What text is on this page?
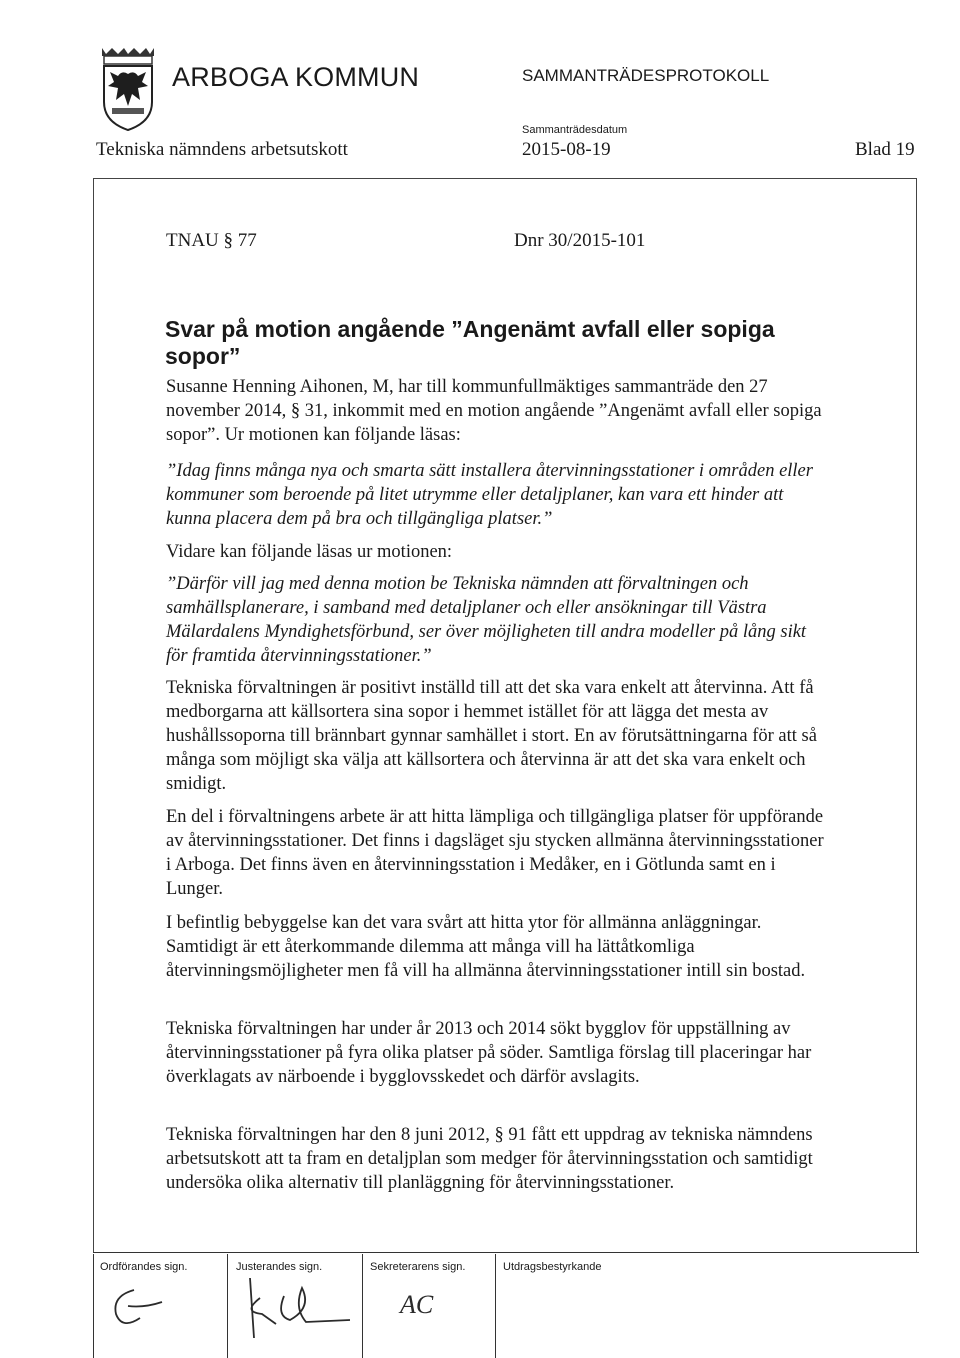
ARBOGA KOMMUN	SAMMANTRÄDESPROTOKOLL
Tekniska nämndens arbetsutskott
Sammanträdesdatum
2015-08-19	Blad 19
TNAU § 77	Dnr 30/2015-101
Svar på motion angående ”Angenämt avfall eller sopiga sopor”

Susanne Henning Aihonen, M, har till kommunfullmäktiges sammanträde den 27 november 2014, § 31, inkommit med en motion angående ”Angenämt avfall eller sopiga sopor”. Ur motionen kan följande läsas:

”Idag finns många nya och smarta sätt installera återvinningsstationer i områden eller kommuner som beroende på litet utrymme eller detaljplaner, kan vara ett hinder att kunna placera dem på bra och tillgängliga platser.”

Vidare kan följande läsas ur motionen:

”Därför vill jag med denna motion be Tekniska nämnden att förvaltningen och samhällsplanerare, i samband med detaljplaner och eller ansökningar till Västra Mälardalens Myndighetsförbund, ser över möjligheten till andra modeller på lång sikt för framtida återvinningsstationer.”

Tekniska förvaltningen är positivt inställd till att det ska vara enkelt att återvinna. Att få medborgarna att källsortera sina sopor i hemmet istället för att lägga det mesta av hushållssoporna till brännbart gynnar samhället i stort. En av förutsättningarna för att så många som möjligt ska välja att källsortera och återvinna är att det ska vara enkelt och smidigt.

En del i förvaltningens arbete är att hitta lämpliga och tillgängliga platser för uppförande av återvinningsstationer. Det finns i dagsläget sju stycken allmänna återvinningsstationer i Arboga. Det finns även en återvinningsstation i Medåker, en i Götlunda samt en i Lunger.

I befintlig bebyggelse kan det vara svårt att hitta ytor för allmänna anläggningar. Samtidigt är ett återkommande dilemma att många vill ha lättåtkomliga återvinningsmöjligheter men få vill ha allmänna återvinningsstationer intill sin bostad.

Tekniska förvaltningen har under år 2013 och 2014 sökt bygglov för uppställning av återvinningsstationer på fyra olika platser på söder. Samtliga förslag till placeringar har överklagats av närboende i bygglovsskedet och därför avslagits.

Tekniska förvaltningen har den 8 juni 2012, § 91 fått ett uppdrag av tekniska nämndens arbetsutskott att ta fram en detaljplan som medger för återvinningsstation och samtidigt undersöka olika alternativ till planläggning för återvinningsstationer.

Ordförandes sign.	Justerandes sign.	Sekreterarens sign.	Utdragsbestyrkande
AC
